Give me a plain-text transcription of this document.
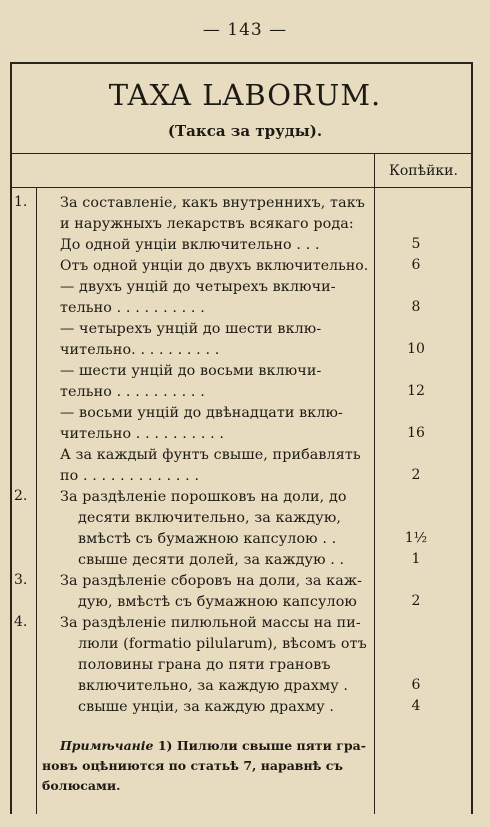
— 143 —
TAXA LABORUM.
(Такса за труды).
Копѣйки.
1.	За составленіе, какъ внутреннихъ, такъ
и наружныхъ лекарствъ всякаго рода:
До одной унціи включительно . . .	5
Отъ одной унціи до двухъ включительно.	6
— двухъ унцій до четырехъ включи-
тельно . . . . . . . . . .	8
— четырехъ унцій до шести вклю-
чительно. . . . . . . . . .	10
— шести унцій до восьми включи-
тельно . . . . . . . . . .	12
— восьми унцій до двѣнадцати вклю-
чительно . . . . . . . . . .	16
А за каждый фунтъ свыше, прибавлять
по . . . . . . . . . . . . .	2
2.	За раздѣленіе порошковъ на доли, до
десяти включительно, за каждую,
вмѣстѣ съ бумажною капсулою . .	1½
свыше десяти долей, за каждую . .	1
3.	За раздѣленіе сборовъ на доли, за каж-
дую, вмѣстѣ съ бумажною капсулою	2
4.	За раздѣленіе пилюльной массы на пи-
люли (formatio pilularum), вѣсомъ отъ
половины грана до пяти грановъ
включительно, за каждую драхму .	6
свыше унціи, за каждую драхму .	4
Примѣчаніе 1) Пилюли свыше пяти гра-
новъ оцѣниются по статьѣ 7, наравнѣ съ
болюсами.
